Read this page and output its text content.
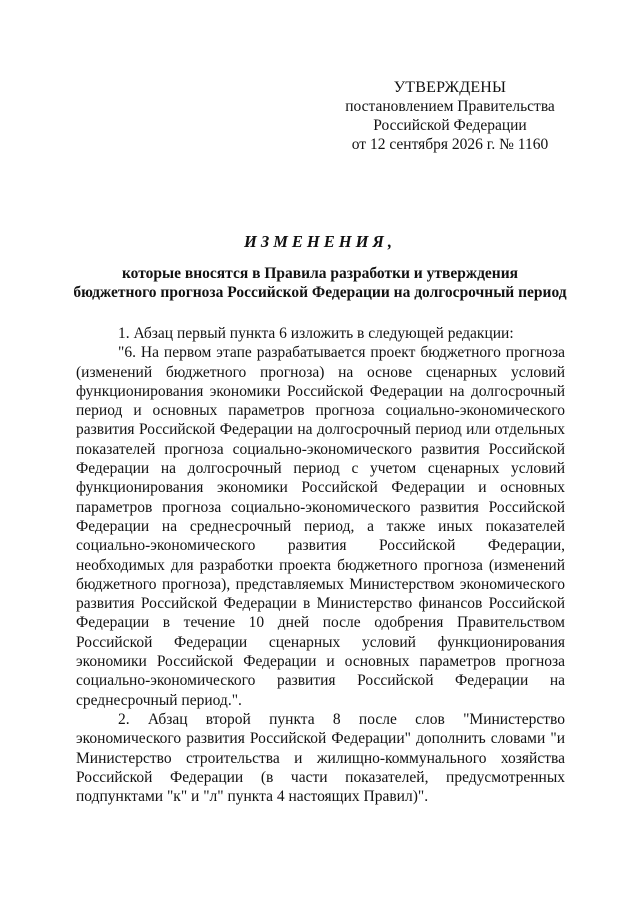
УТВЕРЖДЕНЫ
постановлением Правительства
Российской Федерации
от 12 сентября 2026 г. № 1160
ИЗМЕНЕНИЯ,
которые вносятся в Правила разработки и утверждения
бюджетного прогноза Российской Федерации на долгосрочный период

1. Абзац первый пункта 6 изложить в следующей редакции:

"6. На первом этапе разрабатывается проект бюджетного прогноза (изменений бюджетного прогноза) на основе сценарных условий функционирования экономики Российской Федерации на долгосрочный период и основных параметров прогноза социально-экономического развития Российской Федерации на долгосрочный период или отдельных показателей прогноза социально-экономического развития Российской Федерации на долгосрочный период с учетом сценарных условий функционирования экономики Российской Федерации и основных параметров прогноза социально-экономического развития Российской Федерации на среднесрочный период, а также иных показателей социально-экономического развития Российской Федерации, необходимых для разработки проекта бюджетного прогноза (изменений бюджетного прогноза), представляемых Министерством экономического развития Российской Федерации в Министерство финансов Российской Федерации в течение 10 дней после одобрения Правительством Российской Федерации сценарных условий функционирования экономики Российской Федерации и основных параметров прогноза социально-экономического развития Российской Федерации на среднесрочный период.".

2. Абзац второй пункта 8 после слов "Министерство экономического развития Российской Федерации" дополнить словами "и Министерство строительства и жилищно-коммунального хозяйства Российской Федерации (в части показателей, предусмотренных подпунктами "к" и "л" пункта 4 настоящих Правил)".
